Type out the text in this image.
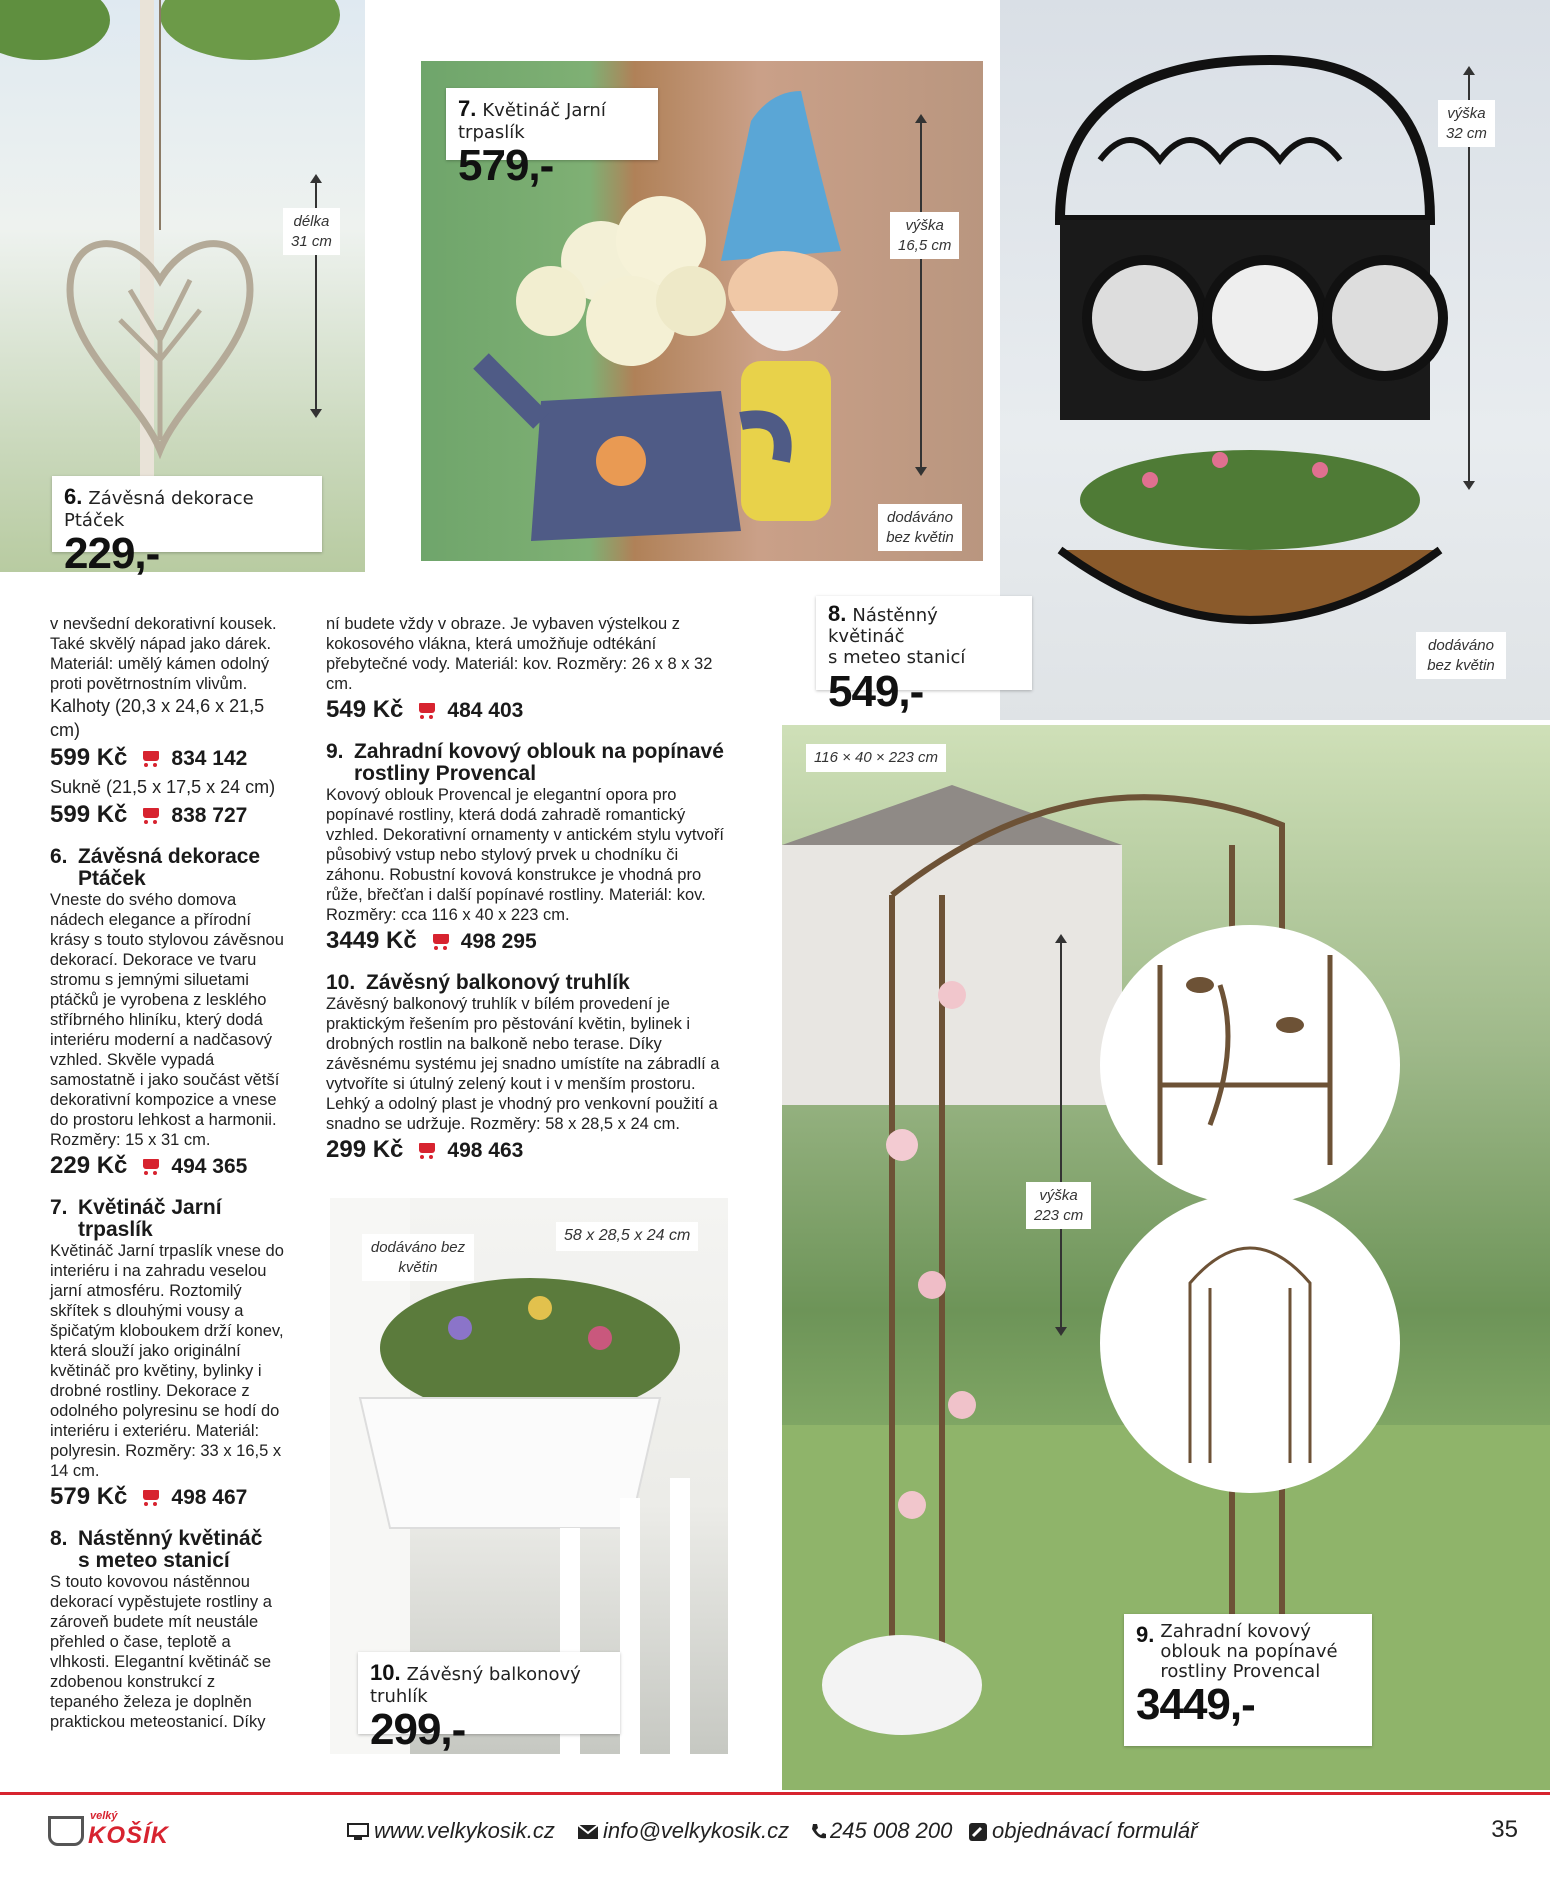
délka
31 cm
6. Závěsná dekorace Ptáček
229,-
výška
16,5 cm
dodáváno
bez květin
7. Květináč Jarní trpaslík
579,-
výška
32 cm
dodáváno
bez květin
8. Nástěnný květináč
s meteo stanicí
549,-
výška
223 cm
116 × 40 × 223 cm
9. Zahradní kovový
oblouk na popínavé
rostliny Provencal
3449,-
58 x 28,5 x 24 cm
dodáváno bez
květin
10. Závěsný balkonový truhlík
299,-

v nevšední dekorativní kousek. Také skvělý nápad jako dárek. Materiál: umělý kámen odolný proti povětrnostním vlivům.

Kalhoty (20,3 x 24,6 x 21,5 cm)

599 Kč 834 142

Sukně (21,5 x 17,5 x 24 cm)

599 Kč 838 727
6. Závěsná dekorace
Ptáček

Vneste do svého domova nádech elegance a přírodní krásy s touto stylovou závěsnou dekorací. Dekorace ve tvaru stromu s jemnými siluetami ptáčků je vyrobena z lesklého stříbrného hliníku, který dodá interiéru moderní a nadčasový vzhled. Skvěle vypadá samostatně i jako součást větší dekorativní kompozice a vnese do prostoru lehkost a harmonii. Rozměry: 15 x 31 cm.

229 Kč 494 365
7. Květináč Jarní
trpaslík

Květináč Jarní trpaslík vnese do interiéru i na zahradu veselou jarní atmosféru. Roztomilý skřítek s dlouhými vousy a špičatým kloboukem drží konev, která slouží jako originální květináč pro květiny, bylinky i drobné rostliny. Dekorace z odolného polyresinu se hodí do interiéru i exteriéru. Materiál: polyresin. Rozměry: 33 x 16,5 x 14 cm.

579 Kč 498 467
8. Nástěnný květináč
s meteo stanicí

S touto kovovou nástěnnou dekorací vypěstujete rostliny a zároveň budete mít neustále přehled o čase, teplotě a vlhkosti. Elegantní květináč se zdobenou konstrukcí z tepaného železa je doplněn praktickou meteostanicí. Díky

ní budete vždy v obraze. Je vybaven výstelkou z kokosového vlákna, která umožňuje odtékání přebytečné vody. Materiál: kov. Rozměry: 26 x 8 x 32 cm.

549 Kč 484 403
9. Zahradní kovový oblouk na popínavé
rostliny Provencal

Kovový oblouk Provencal je elegantní opora pro popínavé rostliny, která dodá zahradě romantický vzhled. Dekorativní ornamenty v antickém stylu vytvoří působivý vstup nebo stylový prvek u chodníku či záhonu. Robustní kovová konstrukce je vhodná pro růže, břečťan i další popínavé rostliny. Materiál: kov. Rozměry: cca 116 x 40 x 223 cm.

3449 Kč 498 295
10. Závěsný balkonový truhlík

Závěsný balkonový truhlík v bílém provedení je praktickým řešením pro pěstování květin, bylinek i drobných rostlin na balkoně nebo terase. Díky závěsnému systému jej snadno umístíte na zábradlí a vytvoříte si útulný zelený kout i v menším prostoru. Lehký a odolný plast je vhodný pro venkovní použití a snadno se udržuje. Rozměry: 58 x 28,5 x 24 cm.

299 Kč 498 463
velký
KOŠÍK	www.velkykosik.cz	info@velkykosik.cz	245 008 200	objednávací formulář	35
